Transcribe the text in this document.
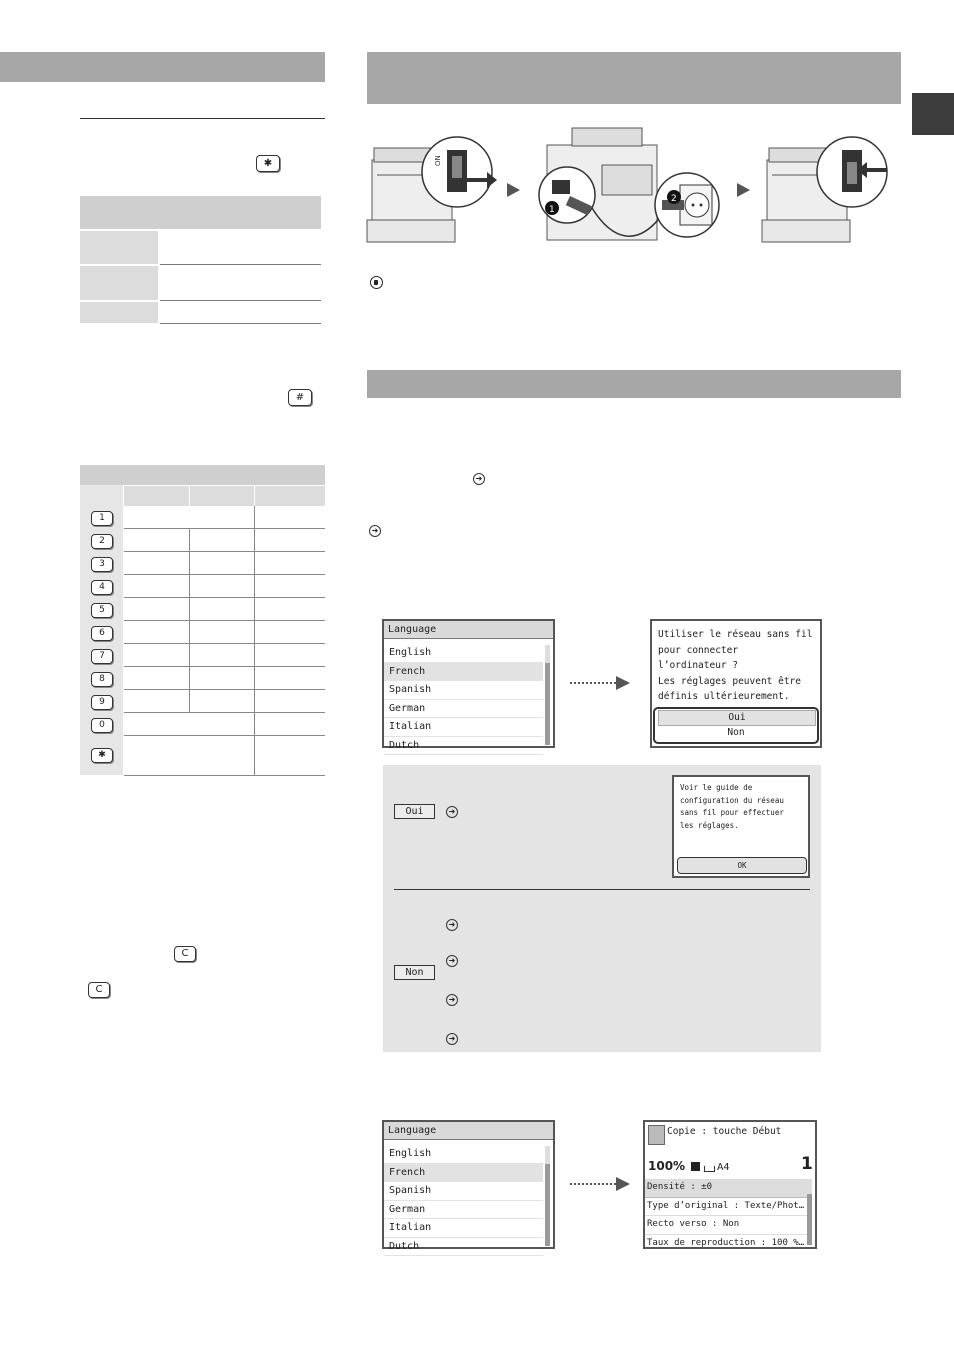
✱
#
1
2
3
4
5
6
7
8
9
0
✱
C
C
ON
1
2
➜
➜
Language
English
French
Spanish
German
Italian
Dutch
Utiliser le réseau sans fil
pour connecter
l’ordinateur ?
Les réglages peuvent être
définis ultérieurement.
Oui
Non
Oui	➜
Voir le guide de
configuration du réseau
sans fil pour effectuer
les réglages.
OK
Non
➜
➜
➜
➜
Language
English
French
Spanish
German
Italian
Dutch
Copie : touche Début
100%	A4	1
Densité : ±0
Type d’original : Texte/Phot…
Recto verso : Non
Taux de reproduction : 100 %…
